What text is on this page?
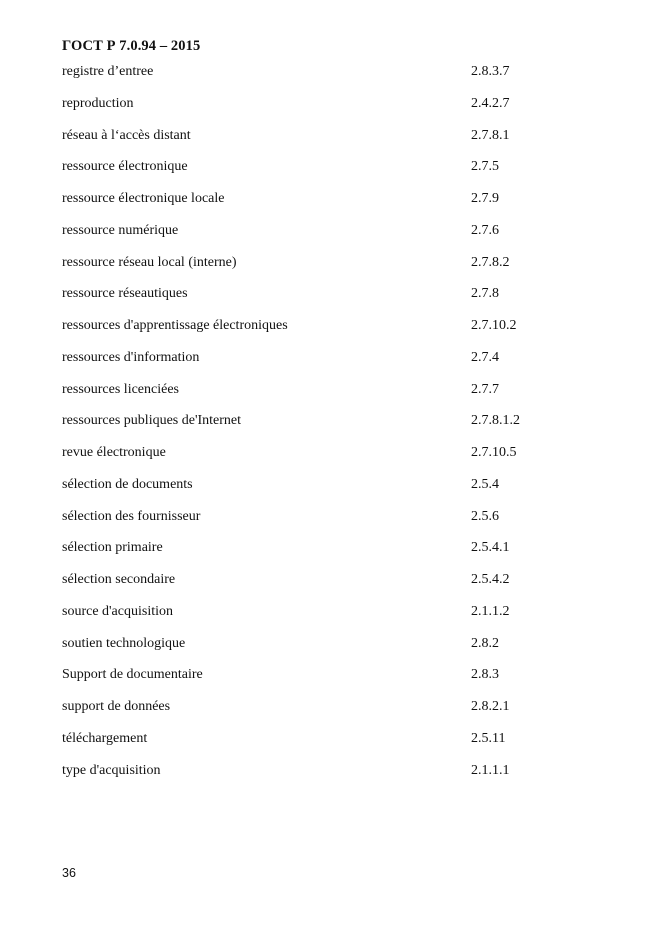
ГОСТ Р 7.0.94 – 2015
registre d’entree	2.8.3.7
reproduction	2.4.2.7
réseau à l‘accès distant	2.7.8.1
ressource électronique	2.7.5
ressource électronique locale	2.7.9
ressource numérique	2.7.6
ressource réseau local (interne)	2.7.8.2
ressource réseautiques	2.7.8
ressources d'apprentissage électroniques	2.7.10.2
ressources d'information	2.7.4
ressources licenciées	2.7.7
ressources publiques de'Internet	2.7.8.1.2
revue électronique	2.7.10.5
sélection de documents	2.5.4
sélection des fournisseur	2.5.6
sélection primaire	2.5.4.1
sélection secondaire	2.5.4.2
source d'acquisition	2.1.1.2
soutien technologique	2.8.2
Support de documentaire	2.8.3
support de données	2.8.2.1
téléchargement	2.5.11
type d'acquisition	2.1.1.1
36
